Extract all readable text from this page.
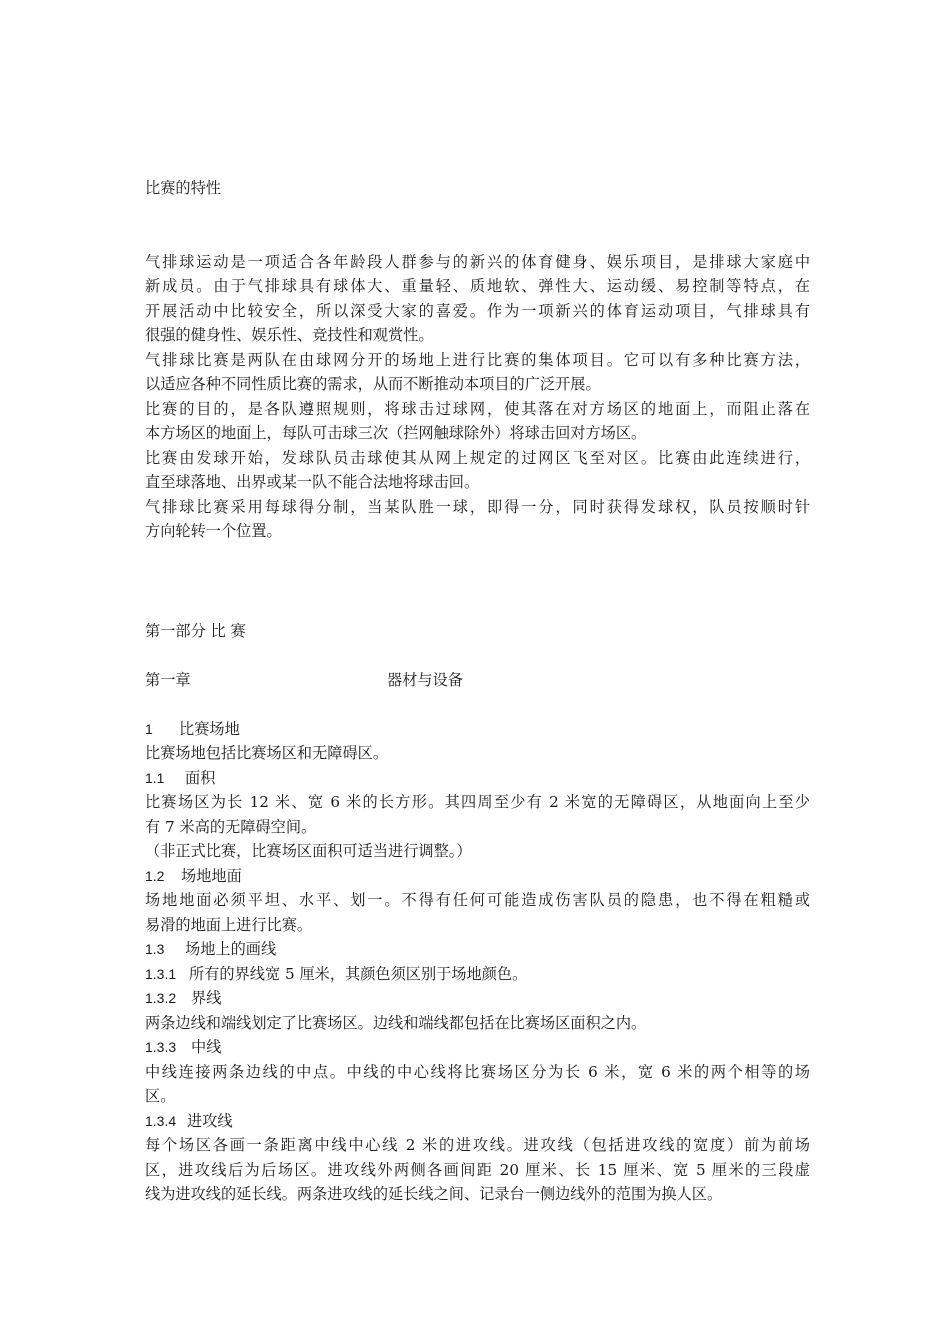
比赛的特性
气排球运动是一项适合各年龄段人群参与的新兴的体育健身、娱乐项目，是排球大家庭中
新成员。由于气排球具有球体大、重量轻、质地软、弹性大、运动缓、易控制等特点，在
开展活动中比较安全，所以深受大家的喜爱。作为一项新兴的体育运动项目，气排球具有
很强的健身性、娱乐性、竞技性和观赏性。
气排球比赛是两队在由球网分开的场地上进行比赛的集体项目。它可以有多种比赛方法，
以适应各种不同性质比赛的需求，从而不断推动本项目的广泛开展。
比赛的目的，是各队遵照规则，将球击过球网，使其落在对方场区的地面上，而阻止落在
本方场区的地面上，每队可击球三次（拦网触球除外）将球击回对方场区。
比赛由发球开始，发球队员击球使其从网上规定的过网区飞至对区。比赛由此连续进行，
直至球落地、出界或某一队不能合法地将球击回。
气排球比赛采用每球得分制，当某队胜一球，即得一分，同时获得发球权，队员按顺时针
方向轮转一个位置。
第一部分 比 赛
第一章	器材与设备
1 比赛场地
比赛场地包括比赛场区和无障碍区。
1.1 面积
比赛场区为长 12 米、宽 6 米的长方形。其四周至少有 2 米宽的无障碍区，从地面向上至少
有 7 米高的无障碍空间。
（非正式比赛，比赛场区面积可适当进行调整。）
1.2 场地地面
场地地面必须平坦、水平、划一。不得有任何可能造成伤害队员的隐患，也不得在粗糙或
易滑的地面上进行比赛。
1.3 场地上的画线
1.3.1 所有的界线宽 5 厘米，其颜色须区别于场地颜色。
1.3.2 界线
两条边线和端线划定了比赛场区。边线和端线都包括在比赛场区面积之内。
1.3.3 中线
中线连接两条边线的中点。中线的中心线将比赛场区分为长 6 米，宽 6 米的两个相等的场
区。
1.3.4 进攻线
每个场区各画一条距离中线中心线 2 米的进攻线。进攻线（包括进攻线的宽度）前为前场
区，进攻线后为后场区。进攻线外两侧各画间距 20 厘米、长 15 厘米、宽 5 厘米的三段虚
线为进攻线的延长线。两条进攻线的延长线之间、记录台一侧边线外的范围为换人区。
